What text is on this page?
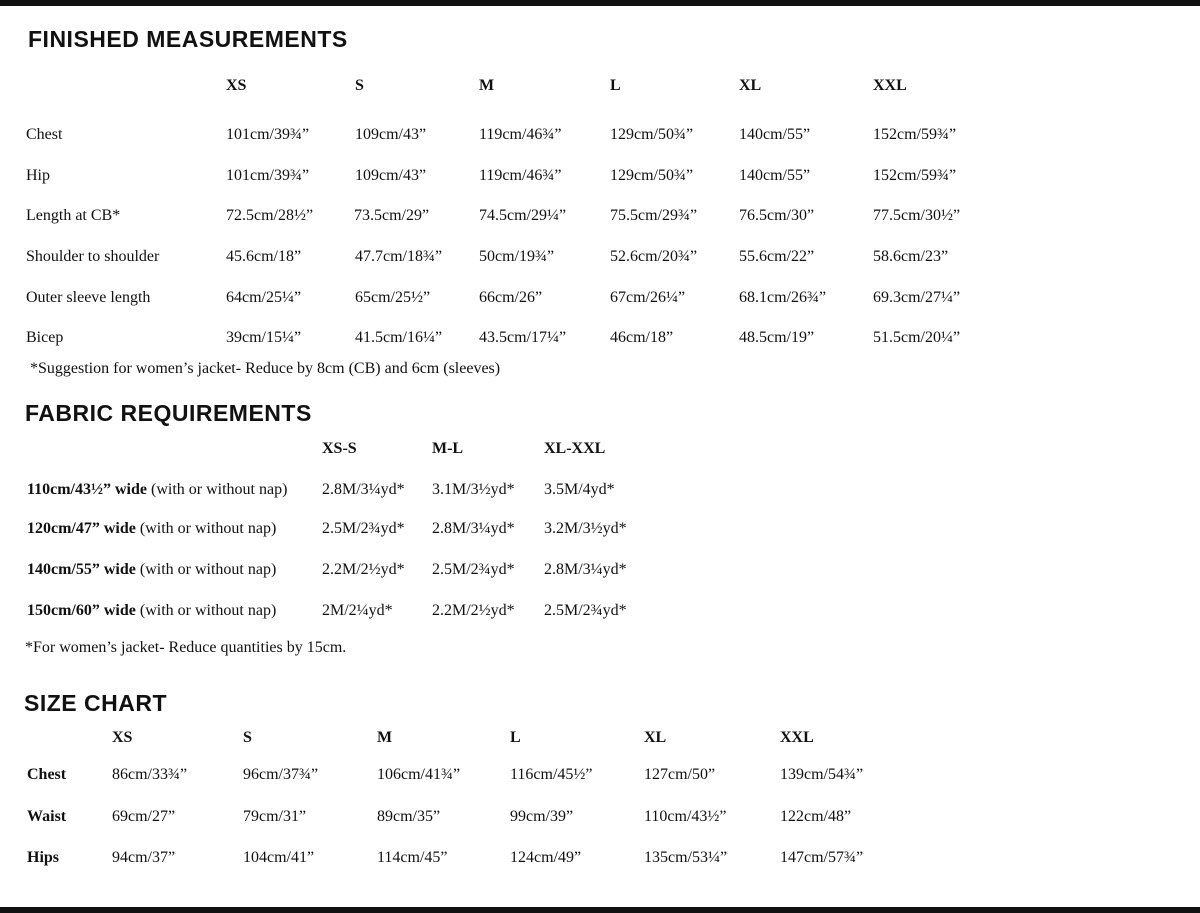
FINISHED MEASUREMENTS
XS	S	M	L	XL	XXL
Chest	101cm/39¾”	109cm/43”	119cm/46¾”	129cm/50¾”	140cm/55”	152cm/59¾”
Hip	101cm/39¾”	109cm/43”	119cm/46¾”	129cm/50¾”	140cm/55”	152cm/59¾”
Length at CB*	72.5cm/28½”	73.5cm/29”	74.5cm/29¼”	75.5cm/29¾”	76.5cm/30”	77.5cm/30½”
Shoulder to shoulder	45.6cm/18”	47.7cm/18¾” 50cm/19¾”	52.6cm/20¾”	55.6cm/22”	58.6cm/23”
Outer sleeve length	64cm/25¼”	65cm/25½”	66cm/26”	67cm/26¼”	68.1cm/26¾”	69.3cm/27¼”
Bicep	39cm/15¼”	41.5cm/16¼” 43.5cm/17¼”	46cm/18”	48.5cm/19”	51.5cm/20¼”
*Suggestion for women’s jacket- Reduce by 8cm (CB) and 6cm (sleeves)
FABRIC REQUIREMENTS
XS-S	M-L	XL-XXL
110cm/43½” wide (with or without nap) 2.8M/3¼yd* 3.1M/3½yd* 3.5M/4yd*
120cm/47” wide (with or without nap)	2.5M/2¾yd* 2.8M/3¼yd* 3.2M/3½yd*
140cm/55” wide (with or without nap)	2.2M/2½yd* 2.5M/2¾yd* 2.8M/3¼yd*
150cm/60” wide (with or without nap)	2M/2¼yd* 2.2M/2½yd* 2.5M/2¾yd*
*For women’s jacket- Reduce quantities by 15cm.
SIZE CHART
XS	S	M	L	XL	XXL
Chest	86cm/33¾”	96cm/37¾”	106cm/41¾”	116cm/45½”	127cm/50”	139cm/54¾”
Waist	69cm/27”	79cm/31”	89cm/35”	99cm/39”	110cm/43½”	122cm/48”
Hips	94cm/37”	104cm/41”	114cm/45”	124cm/49”	135cm/53¼”	147cm/57¾”
